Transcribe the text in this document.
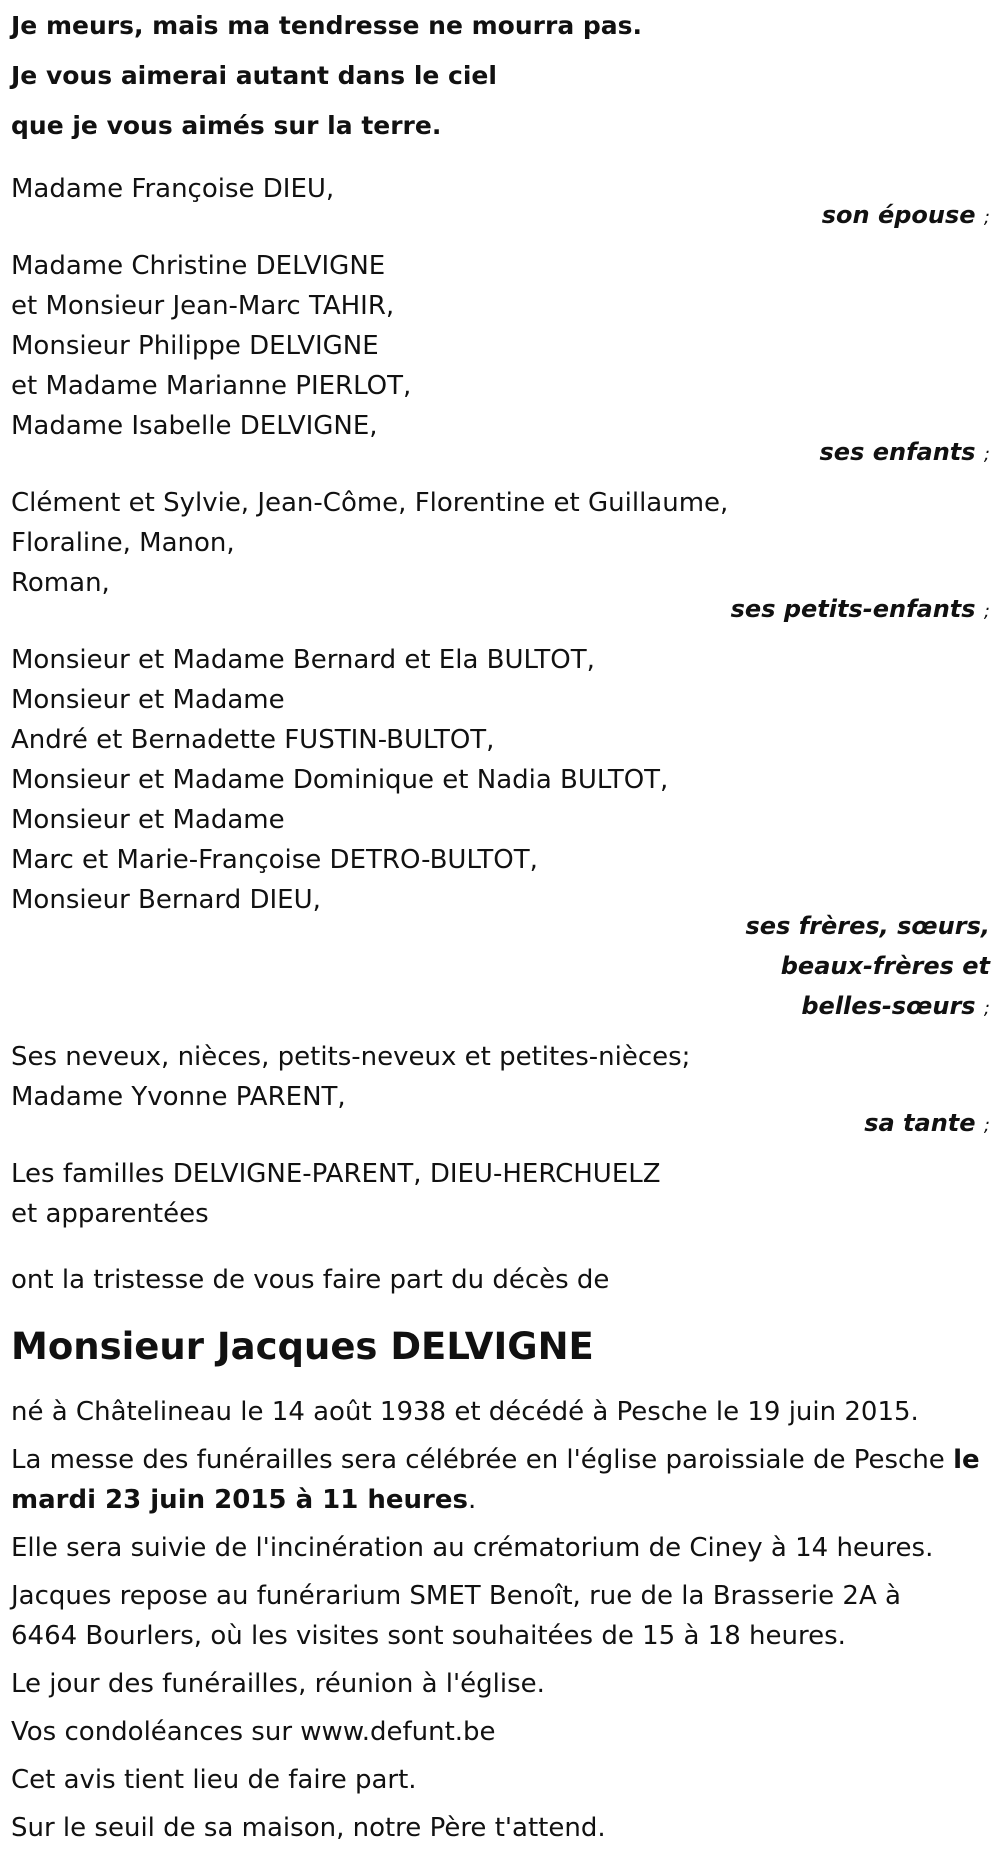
Je meurs, mais ma tendresse ne mourra pas.
Je vous aimerai autant dans le ciel
que je vous aimés sur la terre.
Madame Françoise DIEU,
son épouse ;
Madame Christine DELVIGNE
et Monsieur Jean-Marc TAHIR,
Monsieur Philippe DELVIGNE
et Madame Marianne PIERLOT,
Madame Isabelle DELVIGNE,
ses enfants ;
Clément et Sylvie, Jean-Côme, Florentine et Guillaume,
Floraline, Manon,
Roman,
ses petits-enfants ;
Monsieur et Madame Bernard et Ela BULTOT,
Monsieur et Madame
André et Bernadette FUSTIN-BULTOT,
Monsieur et Madame Dominique et Nadia BULTOT,
Monsieur et Madame
Marc et Marie-Françoise DETRO-BULTOT,
Monsieur Bernard DIEU,
ses frères, sœurs,
beaux-frères et
belles-sœurs ;
Ses neveux, nièces, petits-neveux et petites-nièces;
Madame Yvonne PARENT,
sa tante ;
Les familles DELVIGNE-PARENT, DIEU-HERCHUELZ
et apparentées
ont la tristesse de vous faire part du décès de
Monsieur Jacques DELVIGNE
né à Châtelineau le 14 août 1938 et décédé à Pesche le 19 juin 2015.
La messe des funérailles sera célébrée en l'église paroissiale de Pesche le
mardi 23 juin 2015 à 11 heures.
Elle sera suivie de l'incinération au crématorium de Ciney à 14 heures.
Jacques repose au funérarium SMET Benoît, rue de la Brasserie 2A à
6464 Bourlers, où les visites sont souhaitées de 15 à 18 heures.
Le jour des funérailles, réunion à l'église.
Vos condoléances sur www.defunt.be
Cet avis tient lieu de faire part.
Sur le seuil de sa maison, notre Père t'attend.
